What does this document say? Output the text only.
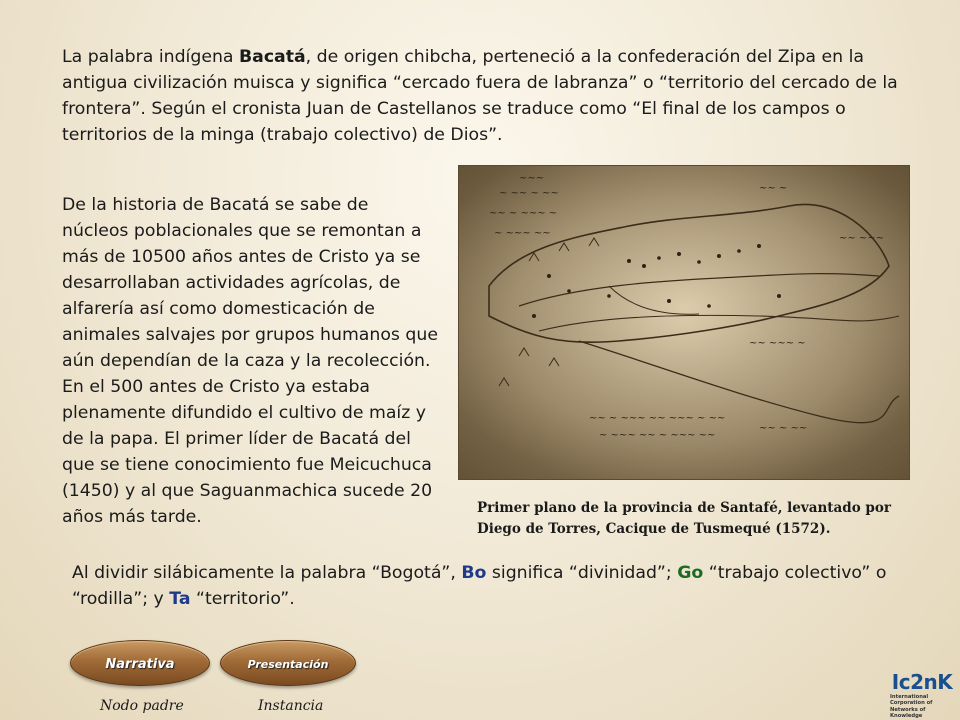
La palabra indígena Bacatá, de origen chibcha, perteneció a la confederación del Zipa en la antigua civilización muisca y significa “cercado fuera de labranza” o “territorio del cercado de la frontera”. Según el cronista Juan de Castellanos se traduce como “El final de los campos o territorios de la minga (trabajo colectivo) de Dios”.

De la historia de Bacatá se sabe de núcleos poblacionales que se remontan a más de 10500 años antes de Cristo ya se desarrollaban actividades agrícolas, de alfarería así como domesticación de animales salvajes por grupos humanos que aún dependían de la caza y la recolección. En el 500 antes de Cristo ya estaba plenamente difundido el cultivo de maíz y de la papa. El primer líder de Bacatá del que se tiene conocimiento fue Meicuchuca (1450) y al que Saguanmachica sucede 20 años más tarde.

~ ~~ ~ ~~
~~ ~ ~~~ ~
~ ~~~ ~~
~~~
~~ ~
~~ ~~~
~~ ~~~ ~
~~ ~ ~~~ ~~ ~~~ ~ ~~
~ ~~~ ~~ ~ ~~~ ~~
~~ ~ ~~

Primer plano de la provincia de Santafé, levantado por Diego de Torres, Cacique de Tusmequé (1572).

Al dividir silábicamente la palabra “Bogotá”, Bo significa “divinidad”; Go “trabajo colectivo” o “rodilla”; y Ta “territorio”.

Narrativa	Presentación
Nodo padre	Instancia
Ic2nK
International Corporation of Networks of Knowledge
